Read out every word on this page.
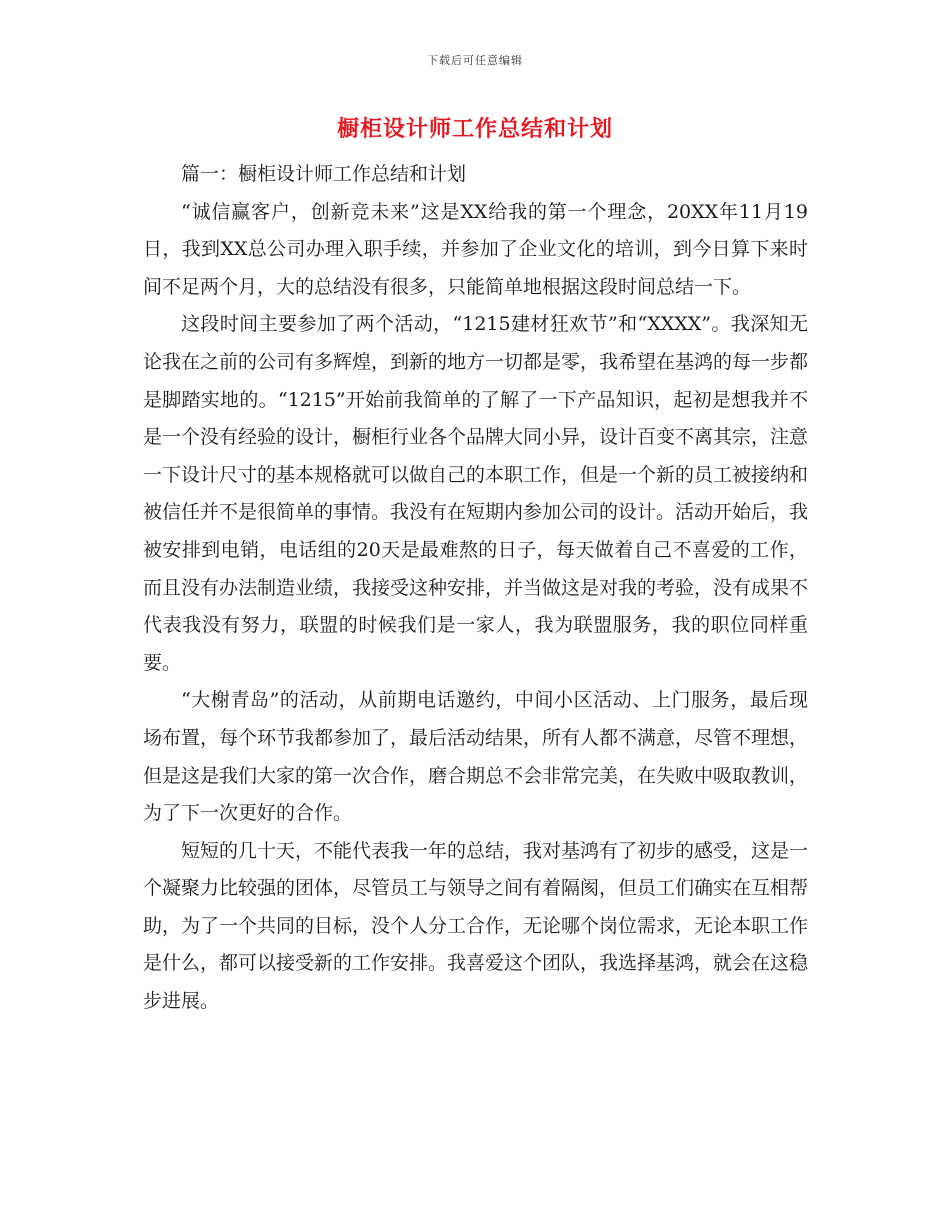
下载后可任意编辑
橱柜设计师工作总结和计划

篇一：橱柜设计师工作总结和计划

“诚信赢客户，创新竞未来”这是XX给我的第一个理念，20XX年11月19日，我到XX总公司办理入职手续，并参加了企业文化的培训，到今日算下来时间不足两个月，大的总结没有很多，只能简单地根据这段时间总结一下。

这段时间主要参加了两个活动，“1215建材狂欢节”和“XXXX”。我深知无论我在之前的公司有多辉煌，到新的地方一切都是零，我希望在基鸿的每一步都是脚踏实地的。“1215”开始前我简单的了解了一下产品知识，起初是想我并不是一个没有经验的设计，橱柜行业各个品牌大同小异，设计百变不离其宗，注意一下设计尺寸的基本规格就可以做自己的本职工作，但是一个新的员工被接纳和被信任并不是很简单的事情。我没有在短期内参加公司的设计。活动开始后，我被安排到电销，电话组的20天是最难熬的日子，每天做着自己不喜爱的工作，而且没有办法制造业绩，我接受这种安排，并当做这是对我的考验，没有成果不代表我没有努力，联盟的时候我们是一家人，我为联盟服务，我的职位同样重要。

“大榭青岛”的活动，从前期电话邀约，中间小区活动、上门服务，最后现场布置，每个环节我都参加了，最后活动结果，所有人都不满意，尽管不理想，但是这是我们大家的第一次合作，磨合期总不会非常完美，在失败中吸取教训，为了下一次更好的合作。

短短的几十天，不能代表我一年的总结，我对基鸿有了初步的感受，这是一个凝聚力比较强的团体，尽管员工与领导之间有着隔阂，但员工们确实在互相帮助，为了一个共同的目标，没个人分工合作，无论哪个岗位需求，无论本职工作是什么，都可以接受新的工作安排。我喜爱这个团队，我选择基鸿，就会在这稳步进展。
